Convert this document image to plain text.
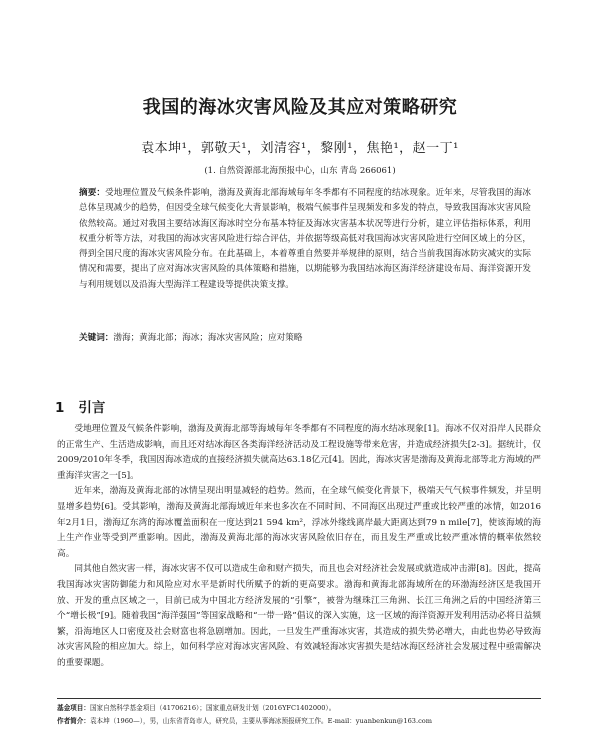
我国的海冰灾害风险及其应对策略研究
袁本坤¹，郭敬天¹，刘清容¹，黎刚¹，焦艳¹，赵一丁¹
(1. 自然资源部北海预报中心，山东 青岛 266061)
摘要：受地理位置及气候条件影响，渤海及黄海北部海域每年冬季都有不同程度的结冰现象。近年来，尽管我国的海冰总体呈现减少的趋势，但因受全球气候变化大背景影响，极端气候事件呈现频发和多发的特点，导致我国海冰灾害风险依然较高。通过对我国主要结冰海区海冰时空分布基本特征及海冰灾害基本状况等进行分析，建立评估指标体系，利用权重分析等方法，对我国的海冰灾害风险进行综合评估，并依据等级高低对我国海冰灾害风险进行空间区域上的分区，得到全国尺度的海冰灾害风险分布。在此基础上，本着尊重自然要并举规律的原则，结合当前我国海冰防灾减灾的实际情况和需要，提出了应对海冰灾害风险的具体策略和措施，以期能够为我国结冰海区海洋经济建设布局、海洋资源开发与利用规划以及沿海大型海洋工程建设等提供决策支撑。
关键词：渤海；黄海北部；海冰；海冰灾害风险；应对策略
1 引言

受地理位置及气候条件影响，渤海及黄海北部等海域每年冬季都有不同程度的海水结冰现象[1]。海冰不仅对沿岸人民群众的正常生产、生活造成影响，而且还对结冰海区各类海洋经济活动及工程设施等带来危害，并造成经济损失[2-3]。据统计，仅2009/2010年冬季，我国因海冰造成的直接经济损失就高达63.18亿元[4]。因此，海冰灾害是渤海及黄海北部等北方海域的严重海洋灾害之一[5]。

近年来，渤海及黄海北部的冰情呈现出明显减轻的趋势。然而，在全球气候变化背景下，极端天气气候事件频发，并呈明显增多趋势[6]。受其影响，渤海及黄海北部海域近年来也多次在不同时间、不同海区出现过严重或比较严重的冰情，如2016年2月1日，渤海辽东湾的海冰覆盖面积在一度达到21 594 km²，浮冰外缘线离岸最大距离达到79 n mile[7]，使该海域的海上生产作业等受到严重影响。因此，渤海及黄海北部的海冰灾害风险依旧存在，而且发生严重或比较严重冰情的概率依然较高。

同其他自然灾害一样，海冰灾害不仅可以造成生命和财产损失，而且也会对经济社会发展或就造成冲击滞[8]。因此，提高我国海冰灾害防御能力和风险应对水平是新时代所赋予的新的更高要求。渤海和黄海北部海域所在的环渤海经济区是我国开放、开发的重点区域之一，目前已成为中国北方经济发展的“引擎”，被誉为继珠江三角洲、长江三角洲之后的中国经济第三个“增长极”[9]。随着我国“海洋强国”等国家战略和“一带一路”倡议的深入实施，这一区域的海洋资源开发利用活动必将日益频繁，沿海地区人口密度及社会财富也将急剧增加。因此，一旦发生严重海冰灾害，其造成的损失势必增大，由此也势必导致海冰灾害风险的相应加大。综上，如何科学应对海冰灾害风险、有效减轻海冰灾害损失是结冰海区经济社会发展过程中亟需解决的重要课题。

基金项目：国家自然科学基金项目（41706216）；国家重点研发计划（2016YFC1402000）。
作者简介：袁本坤（1960—），男，山东省青岛市人，研究员，主要从事海冰预报研究工作。E-mail：yuanbenkun@163.com
